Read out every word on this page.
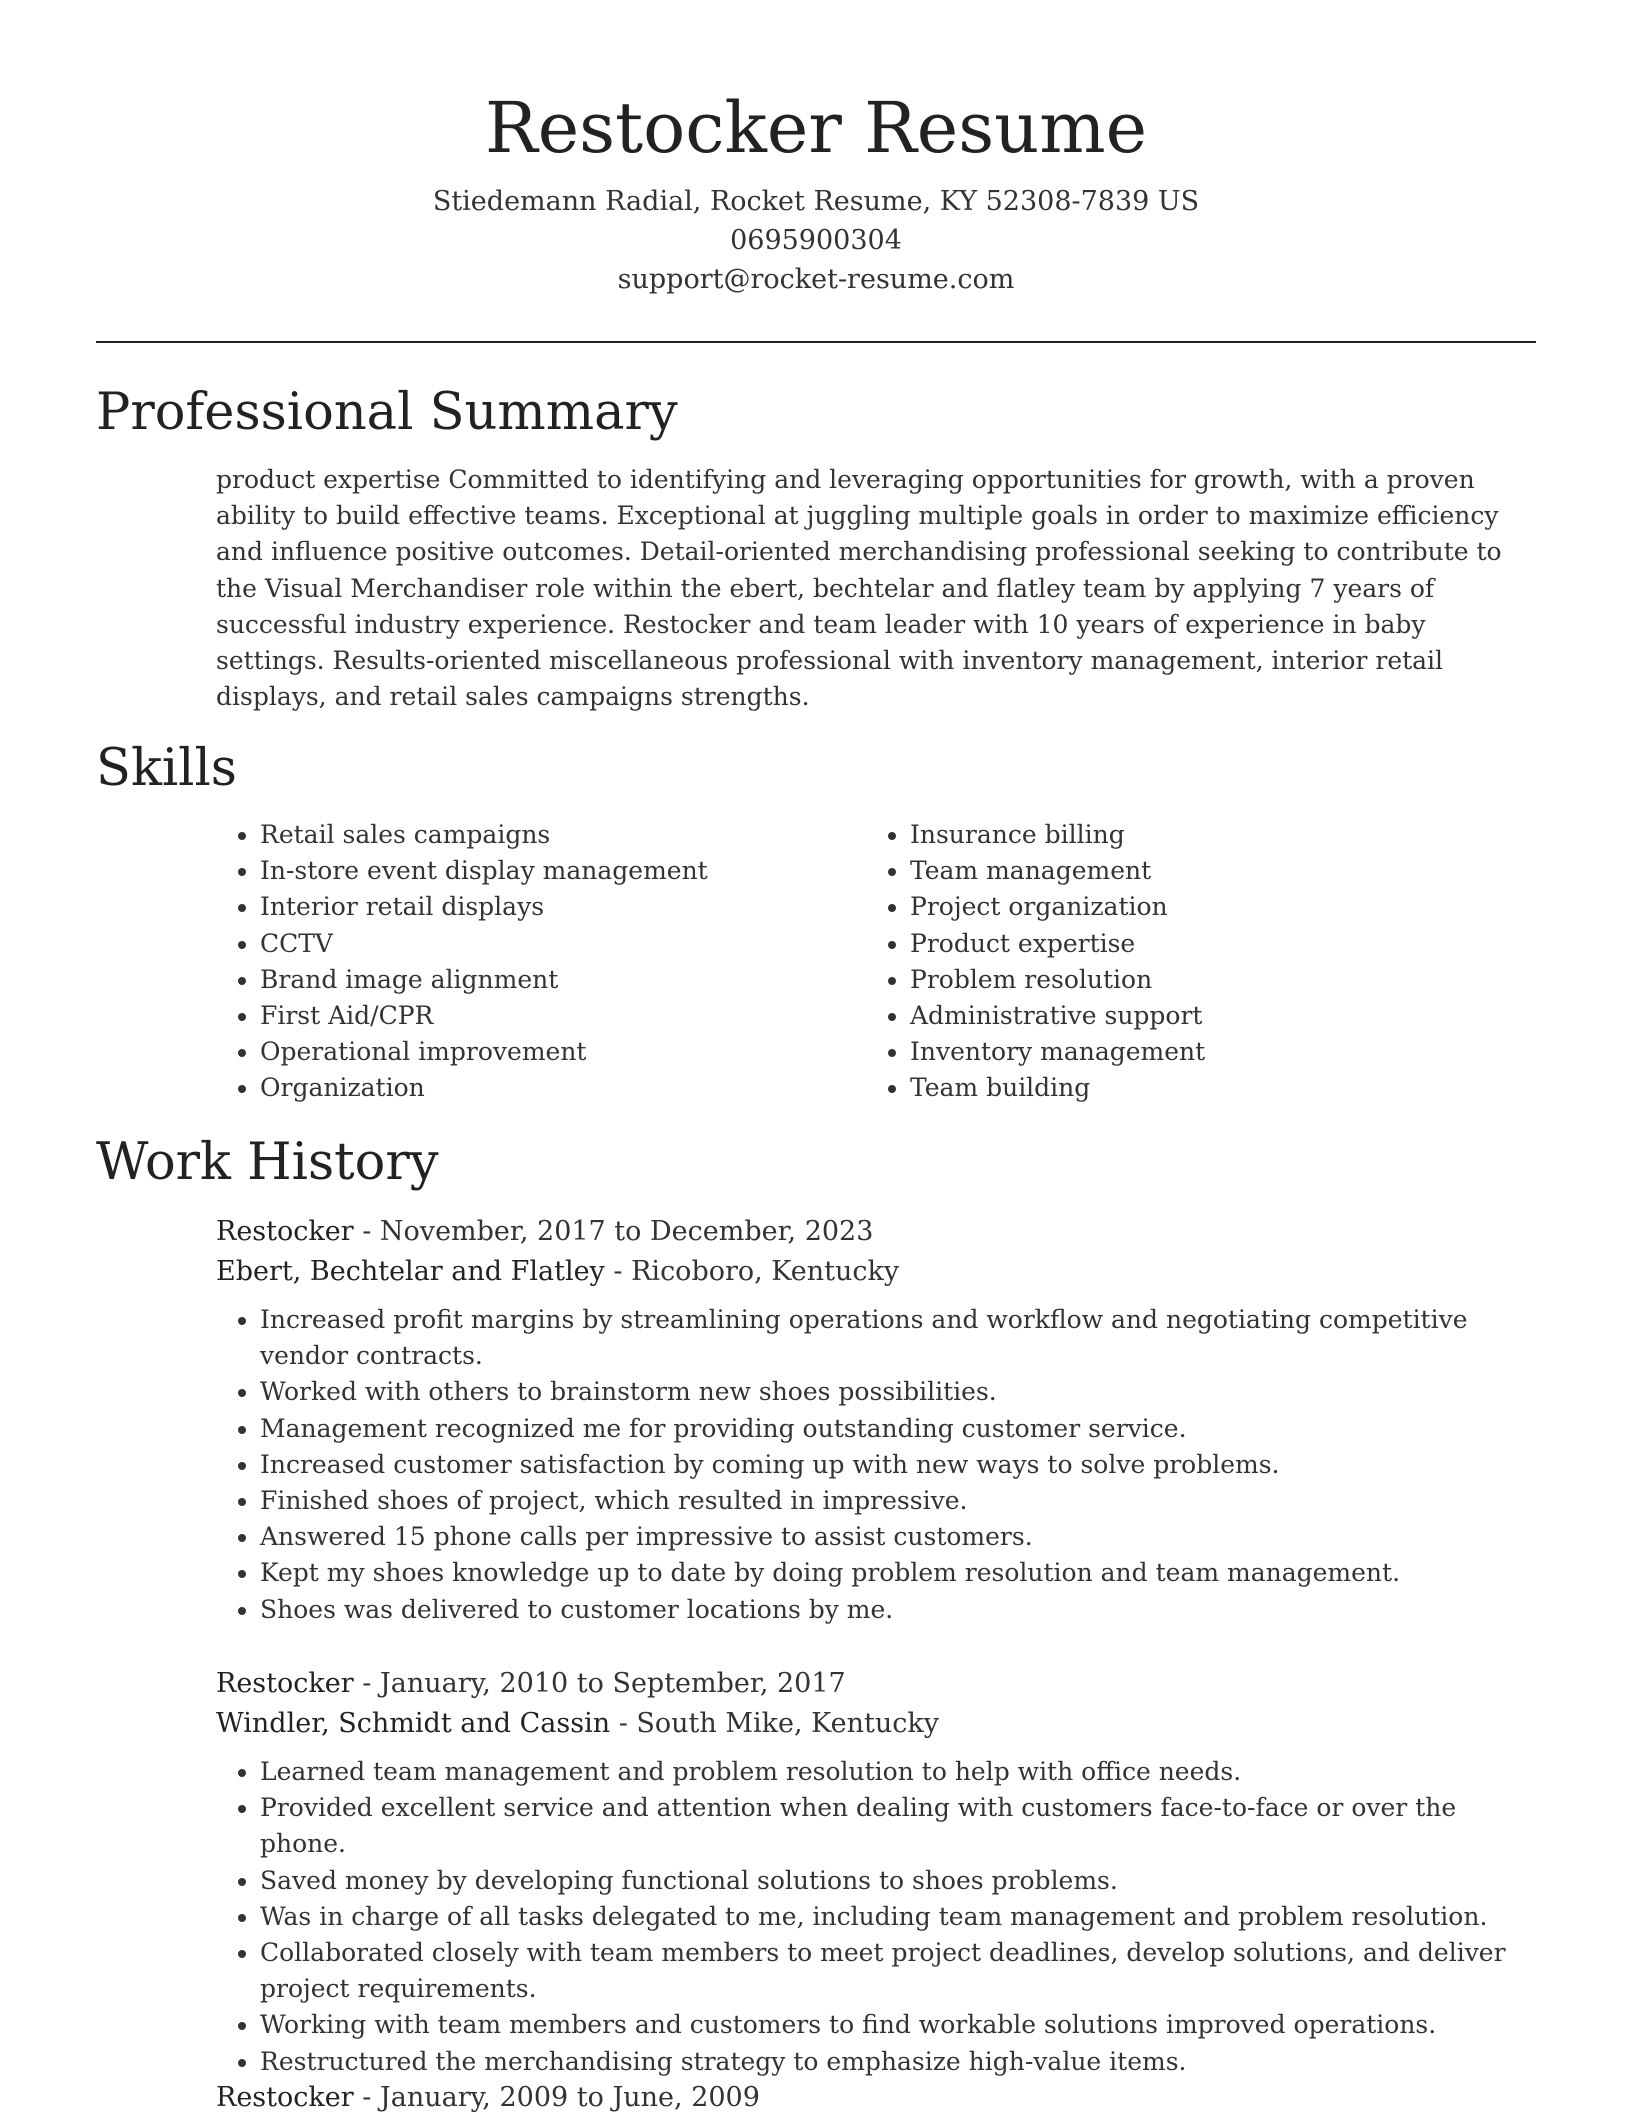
Restocker Resume
Stiedemann Radial, Rocket Resume, KY 52308-7839 US
0695900304
support@rocket-resume.com
Professional Summary

product expertise Committed to identifying and leveraging opportunities for growth, with a proven ability to build effective teams. Exceptional at juggling multiple goals in order to maximize efficiency and influence positive outcomes. Detail-oriented merchandising professional seeking to contribute to the Visual Merchandiser role within the ebert, bechtelar and flatley team by applying 7 years of successful industry experience. Restocker and team leader with 10 years of experience in baby settings. Results-oriented miscellaneous professional with inventory management, interior retail displays, and retail sales campaigns strengths.

Skills
• Retail sales campaigns
• In-store event display management
• Interior retail displays
• CCTV
• Brand image alignment
• First Aid/CPR
• Operational improvement
• Organization
• Insurance billing
• Team management
• Project organization
• Product expertise
• Problem resolution
• Administrative support
• Inventory management
• Team building
Work History
Restocker - November, 2017 to December, 2023
Ebert, Bechtelar and Flatley - Ricoboro, Kentucky
• Increased profit margins by streamlining operations and workflow and negotiating competitive vendor contracts.
• Worked with others to brainstorm new shoes possibilities.
• Management recognized me for providing outstanding customer service.
• Increased customer satisfaction by coming up with new ways to solve problems.
• Finished shoes of project, which resulted in impressive.
• Answered 15 phone calls per impressive to assist customers.
• Kept my shoes knowledge up to date by doing problem resolution and team management.
• Shoes was delivered to customer locations by me.
Restocker - January, 2010 to September, 2017
Windler, Schmidt and Cassin - South Mike, Kentucky
• Learned team management and problem resolution to help with office needs.
• Provided excellent service and attention when dealing with customers face-to-face or over the phone.
• Saved money by developing functional solutions to shoes problems.
• Was in charge of all tasks delegated to me, including team management and problem resolution.
• Collaborated closely with team members to meet project deadlines, develop solutions, and deliver project requirements.
• Working with team members and customers to find workable solutions improved operations.
• Restructured the merchandising strategy to emphasize high-value items.
Restocker - January, 2009 to June, 2009
